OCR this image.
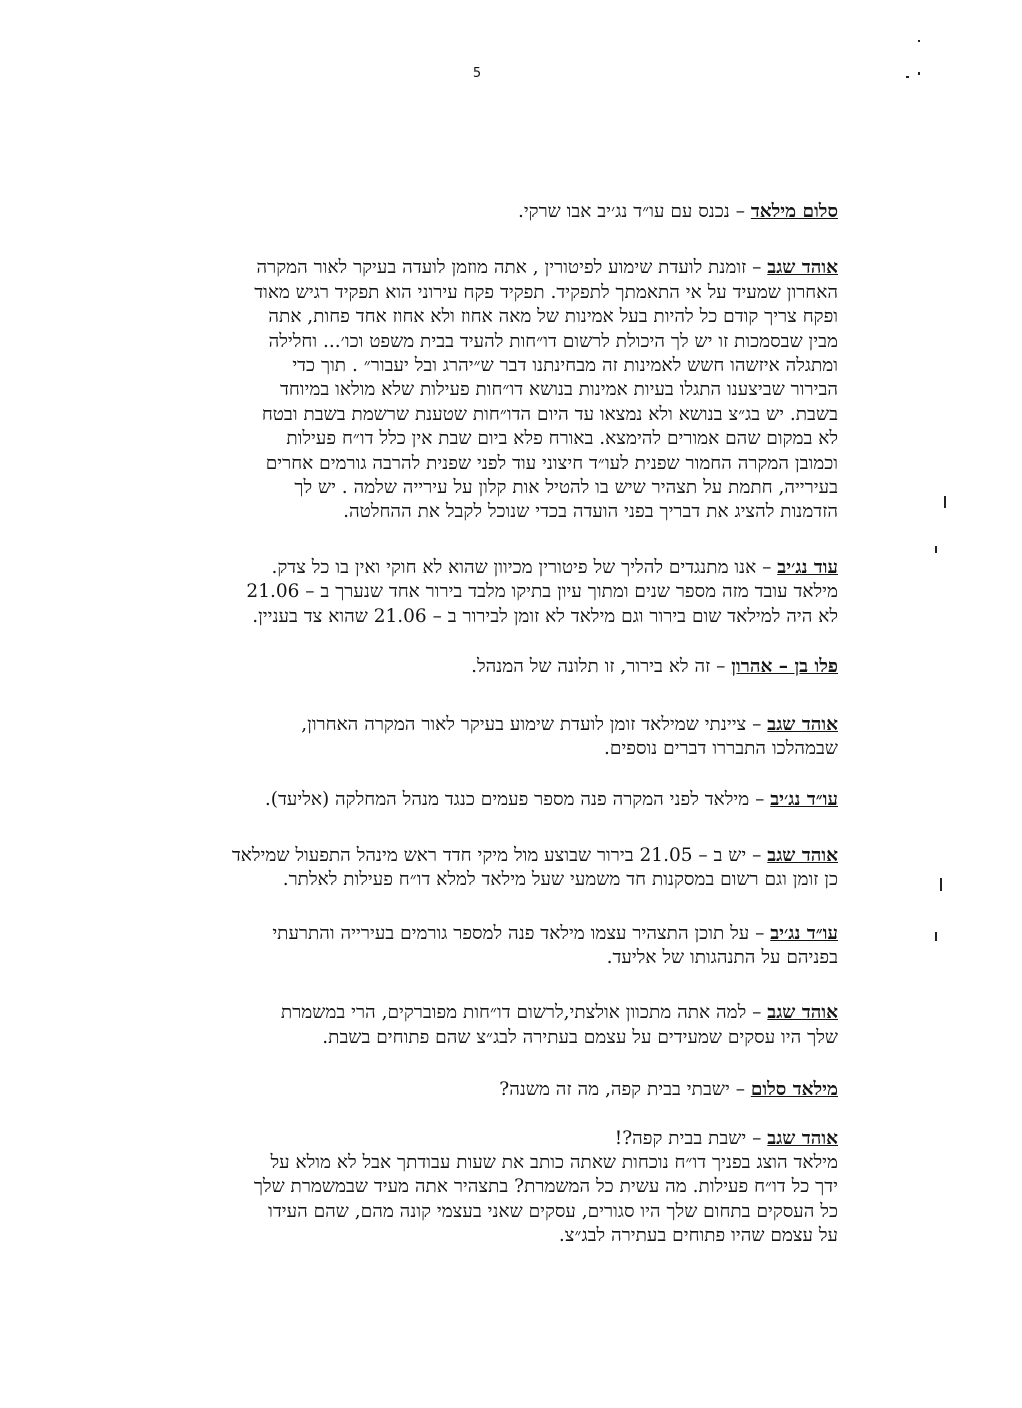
5

סלום מילאד – נכנס עם עו״ד נג׳יב אבו שרקי.

אוהד שגב – זומנת לועדת שימוע לפיטורין , אתה מוזמן לועדה בעיקר לאור המקרה
האחרון שמעיד על אי התאמתך לתפקיד. תפקיד פקח עירוני הוא תפקיד רגיש מאוד
ופקח צריך קודם כל להיות בעל אמינות של מאה אחוז ולא אחוז אחד פחות, אתה
מבין שבסמכות זו יש לך היכולת לרשום דו״חות להעיד בבית משפט וכו׳... וחלילה
ומתגלה איזשהו חשש לאמינות זה מבחינתנו דבר ש״יהרג ובל יעבור״ . תוך כדי
הבירור שביצענו התגלו בעיות אמינות בנושא דו״חות פעילות שלא מולאו במיוחד
בשבת. יש בג״צ בנושא ולא נמצאו עד היום הדו״חות שטענת שרשמת בשבת ובטח
לא במקום שהם אמורים להימצא. באורח פלא ביום שבת אין כלל דו״ח פעילות
וכמובן המקרה החמור שפנית לעו״ד חיצוני עוד לפני שפנית להרבה גורמים אחרים
בעירייה, חתמת על תצהיר שיש בו להטיל אות קלון על עירייה שלמה . יש לך
הזדמנות להציג את דבריך בפני הועדה בכדי שנוכל לקבל את ההחלטה.

עוד נג׳יב – אנו מתנגדים להליך של פיטורין מכיוון שהוא לא חוקי ואין בו כל צדק.
מילאד עובד מזה מספר שנים ומתוך עיון בתיקו מלבד בירור אחד שנערך ב – 21.06
לא היה למילאד שום בירור וגם מילאד לא זומן לבירור ב – 21.06 שהוא צד בעניין.

פלו בן – אהרון – זה לא בירור, זו תלונה של המנהל.

אוהד שגב – ציינתי שמילאד זומן לועדת שימוע בעיקר לאור המקרה האחרון,
שבמהלכו התבררו דברים נוספים.

עו״ד נג׳יב – מילאד לפני המקרה פנה מספר פעמים כנגד מנהל המחלקה (אליעד).

אוהד שגב – יש ב – 21.05 בירור שבוצע מול מיקי חדד ראש מינהל התפעול שמילאד
כן זומן וגם רשום במסקנות חד משמעי שעל מילאד למלא דו״ח פעילות לאלתר.

עו״ד נג׳יב – על תוכן התצהיר עצמו מילאד פנה למספר גורמים בעירייה והתרעתי
בפניהם על התנהגותו של אליעד.

אוהד שגב – למה אתה מתכוון אולצתי,לרשום דו״חות מפוברקים, הרי במשמרת
שלך היו עסקים שמעידים על עצמם בעתירה לבג״צ שהם פתוחים בשבת.

מילאד סלום – ישבתי בבית קפה, מה זה משנה?

אוהד שגב – ישבת בבית קפה?!
מילאד הוצג בפניך דו״ח נוכחות שאתה כותב את שעות עבודתך אבל לא מולא על
ידך כל דו״ח פעילות. מה עשית כל המשמרת? בתצהיר אתה מעיד שבמשמרת שלך
כל העסקים בתחום שלך היו סגורים, עסקים שאני בעצמי קונה מהם, שהם העידו
על עצמם שהיו פתוחים בעתירה לבג״צ.
